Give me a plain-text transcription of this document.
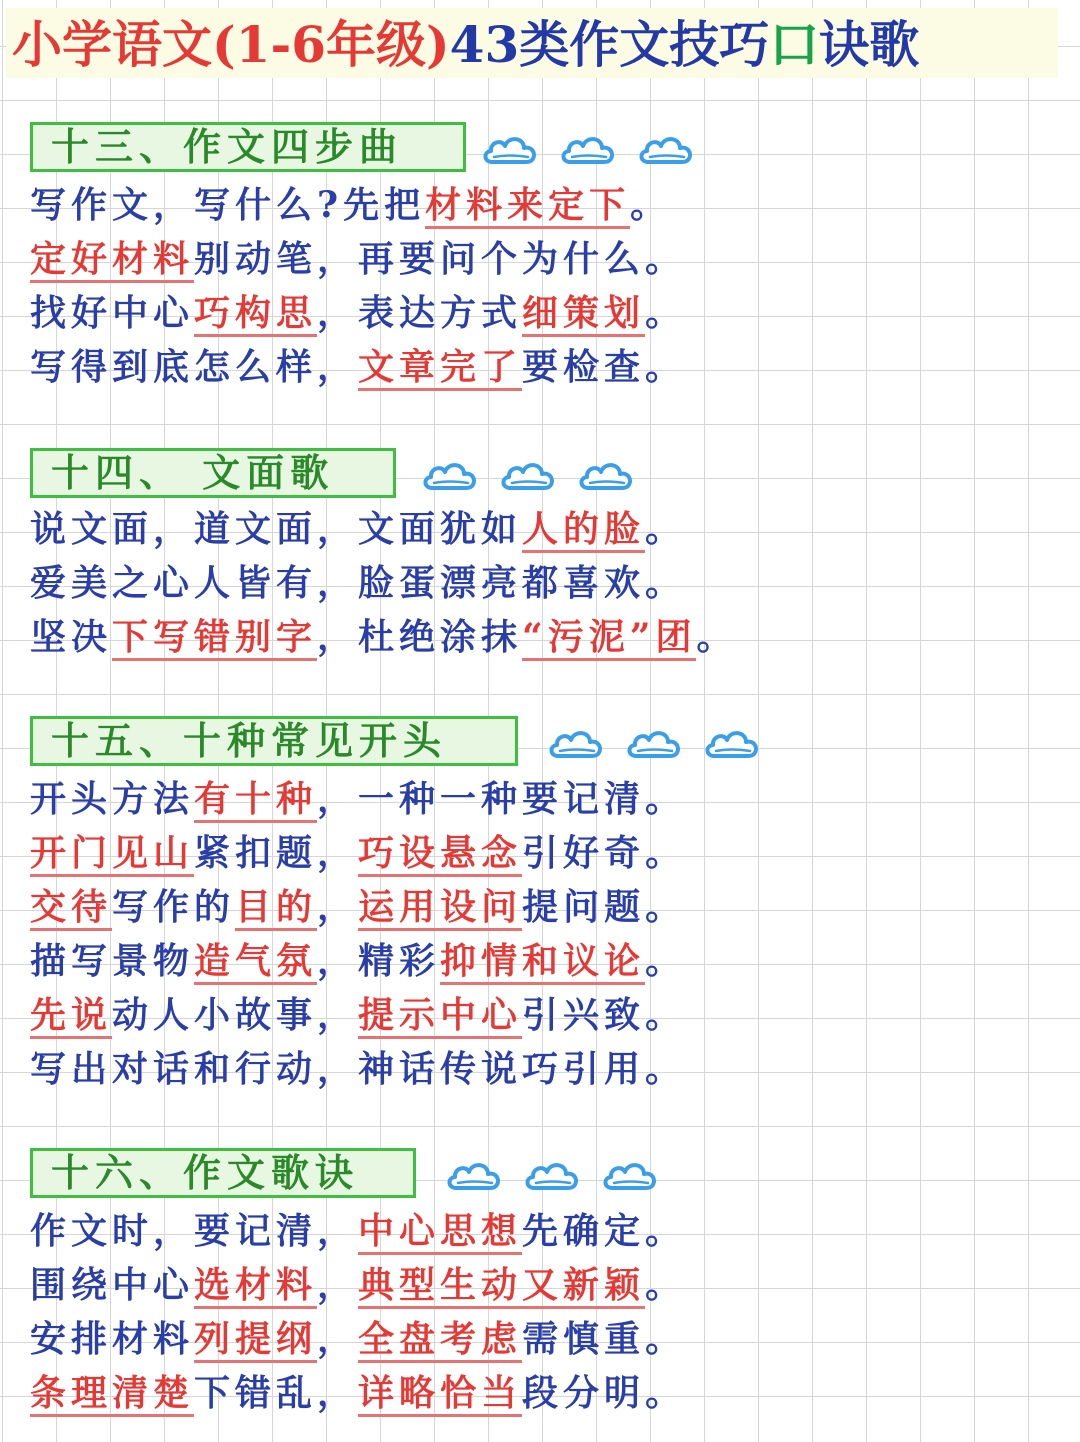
小学语文(1-6年级)43类作文技巧口诀歌
十三、作文四步曲
写作文，写什么?先把材料来定下。
定好材料别动笔，再要问个为什么。
找好中心巧构思，表达方式细策划。
写得到底怎么样，文章完了要检查。
十四、 文面歌
说文面，道文面，文面犹如人的脸。
爱美之心人皆有，脸蛋漂亮都喜欢。
坚决下写错别字，杜绝涂抹“污泥”团。
十五、十种常见开头
开头方法有十种，一种一种要记清。
开门见山紧扣题，巧设悬念引好奇。
交待写作的目的，运用设问提问题。
描写景物造气氛，精彩抑情和议论。
先说动人小故事，提示中心引兴致。
写出对话和行动，神话传说巧引用。
十六、作文歌诀
作文时，要记清，中心思想先确定。
围绕中心选材料，典型生动又新颖。
安排材料列提纲，全盘考虑需慎重。
条理清楚下错乱，详略恰当段分明。
